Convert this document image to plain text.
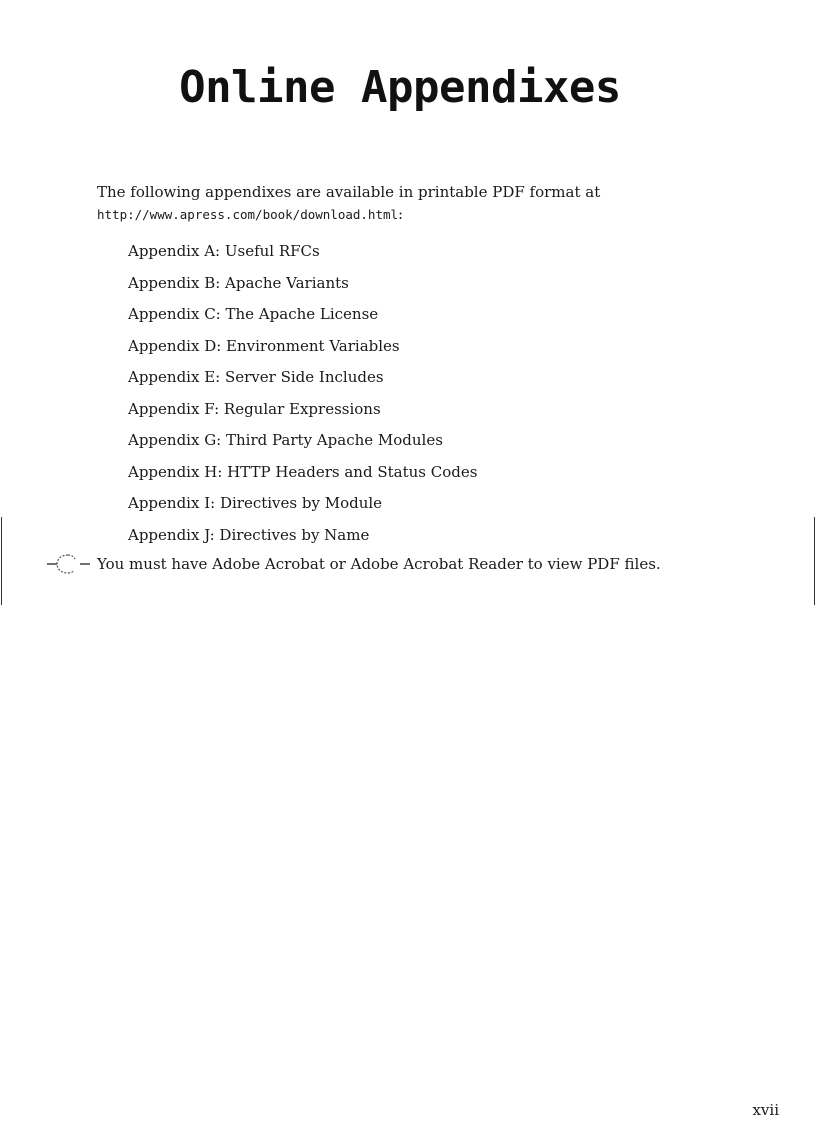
Online Appendixes
The following appendixes are available in printable PDF format at
http://www.apress.com/book/download.html:
Appendix A: Useful RFCs
Appendix B: Apache Variants
Appendix C: The Apache License
Appendix D: Environment Variables
Appendix E: Server Side Includes
Appendix F: Regular Expressions
Appendix G: Third Party Apache Modules
Appendix H: HTTP Headers and Status Codes
Appendix I: Directives by Module
Appendix J: Directives by Name
You must have Adobe Acrobat or Adobe Acrobat Reader to view PDF files.
xvii
